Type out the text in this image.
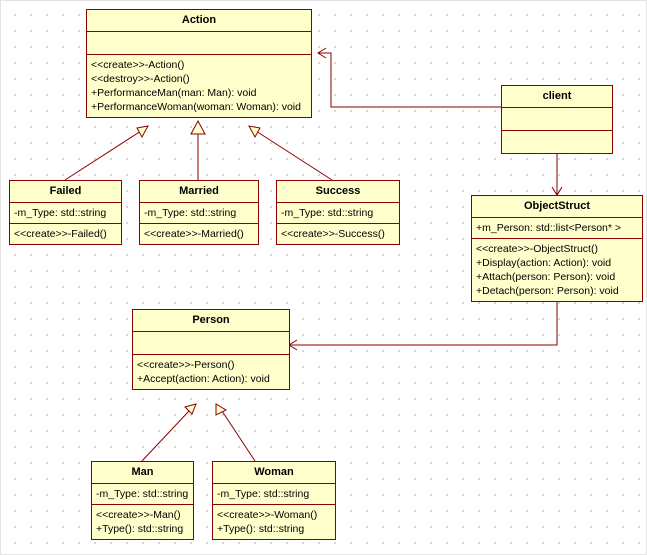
Action
<<create>>-Action()
<<destroy>>-Action()
+PerformanceMan(man: Man): void
+PerformanceWoman(woman: Woman): void
client
Failed
-m_Type: std::string
<<create>>-Failed()
Married
-m_Type: std::string
<<create>>-Married()
Success
-m_Type: std::string
<<create>>-Success()
ObjectStruct
+m_Person: std::list<Person* >
<<create>>-ObjectStruct()
+Display(action: Action): void
+Attach(person: Person): void
+Detach(person: Person): void
Person
<<create>>-Person()
+Accept(action: Action): void
Man
-m_Type: std::string
<<create>>-Man()
+Type(): std::string
Woman
-m_Type: std::string
<<create>>-Woman()
+Type(): std::string
